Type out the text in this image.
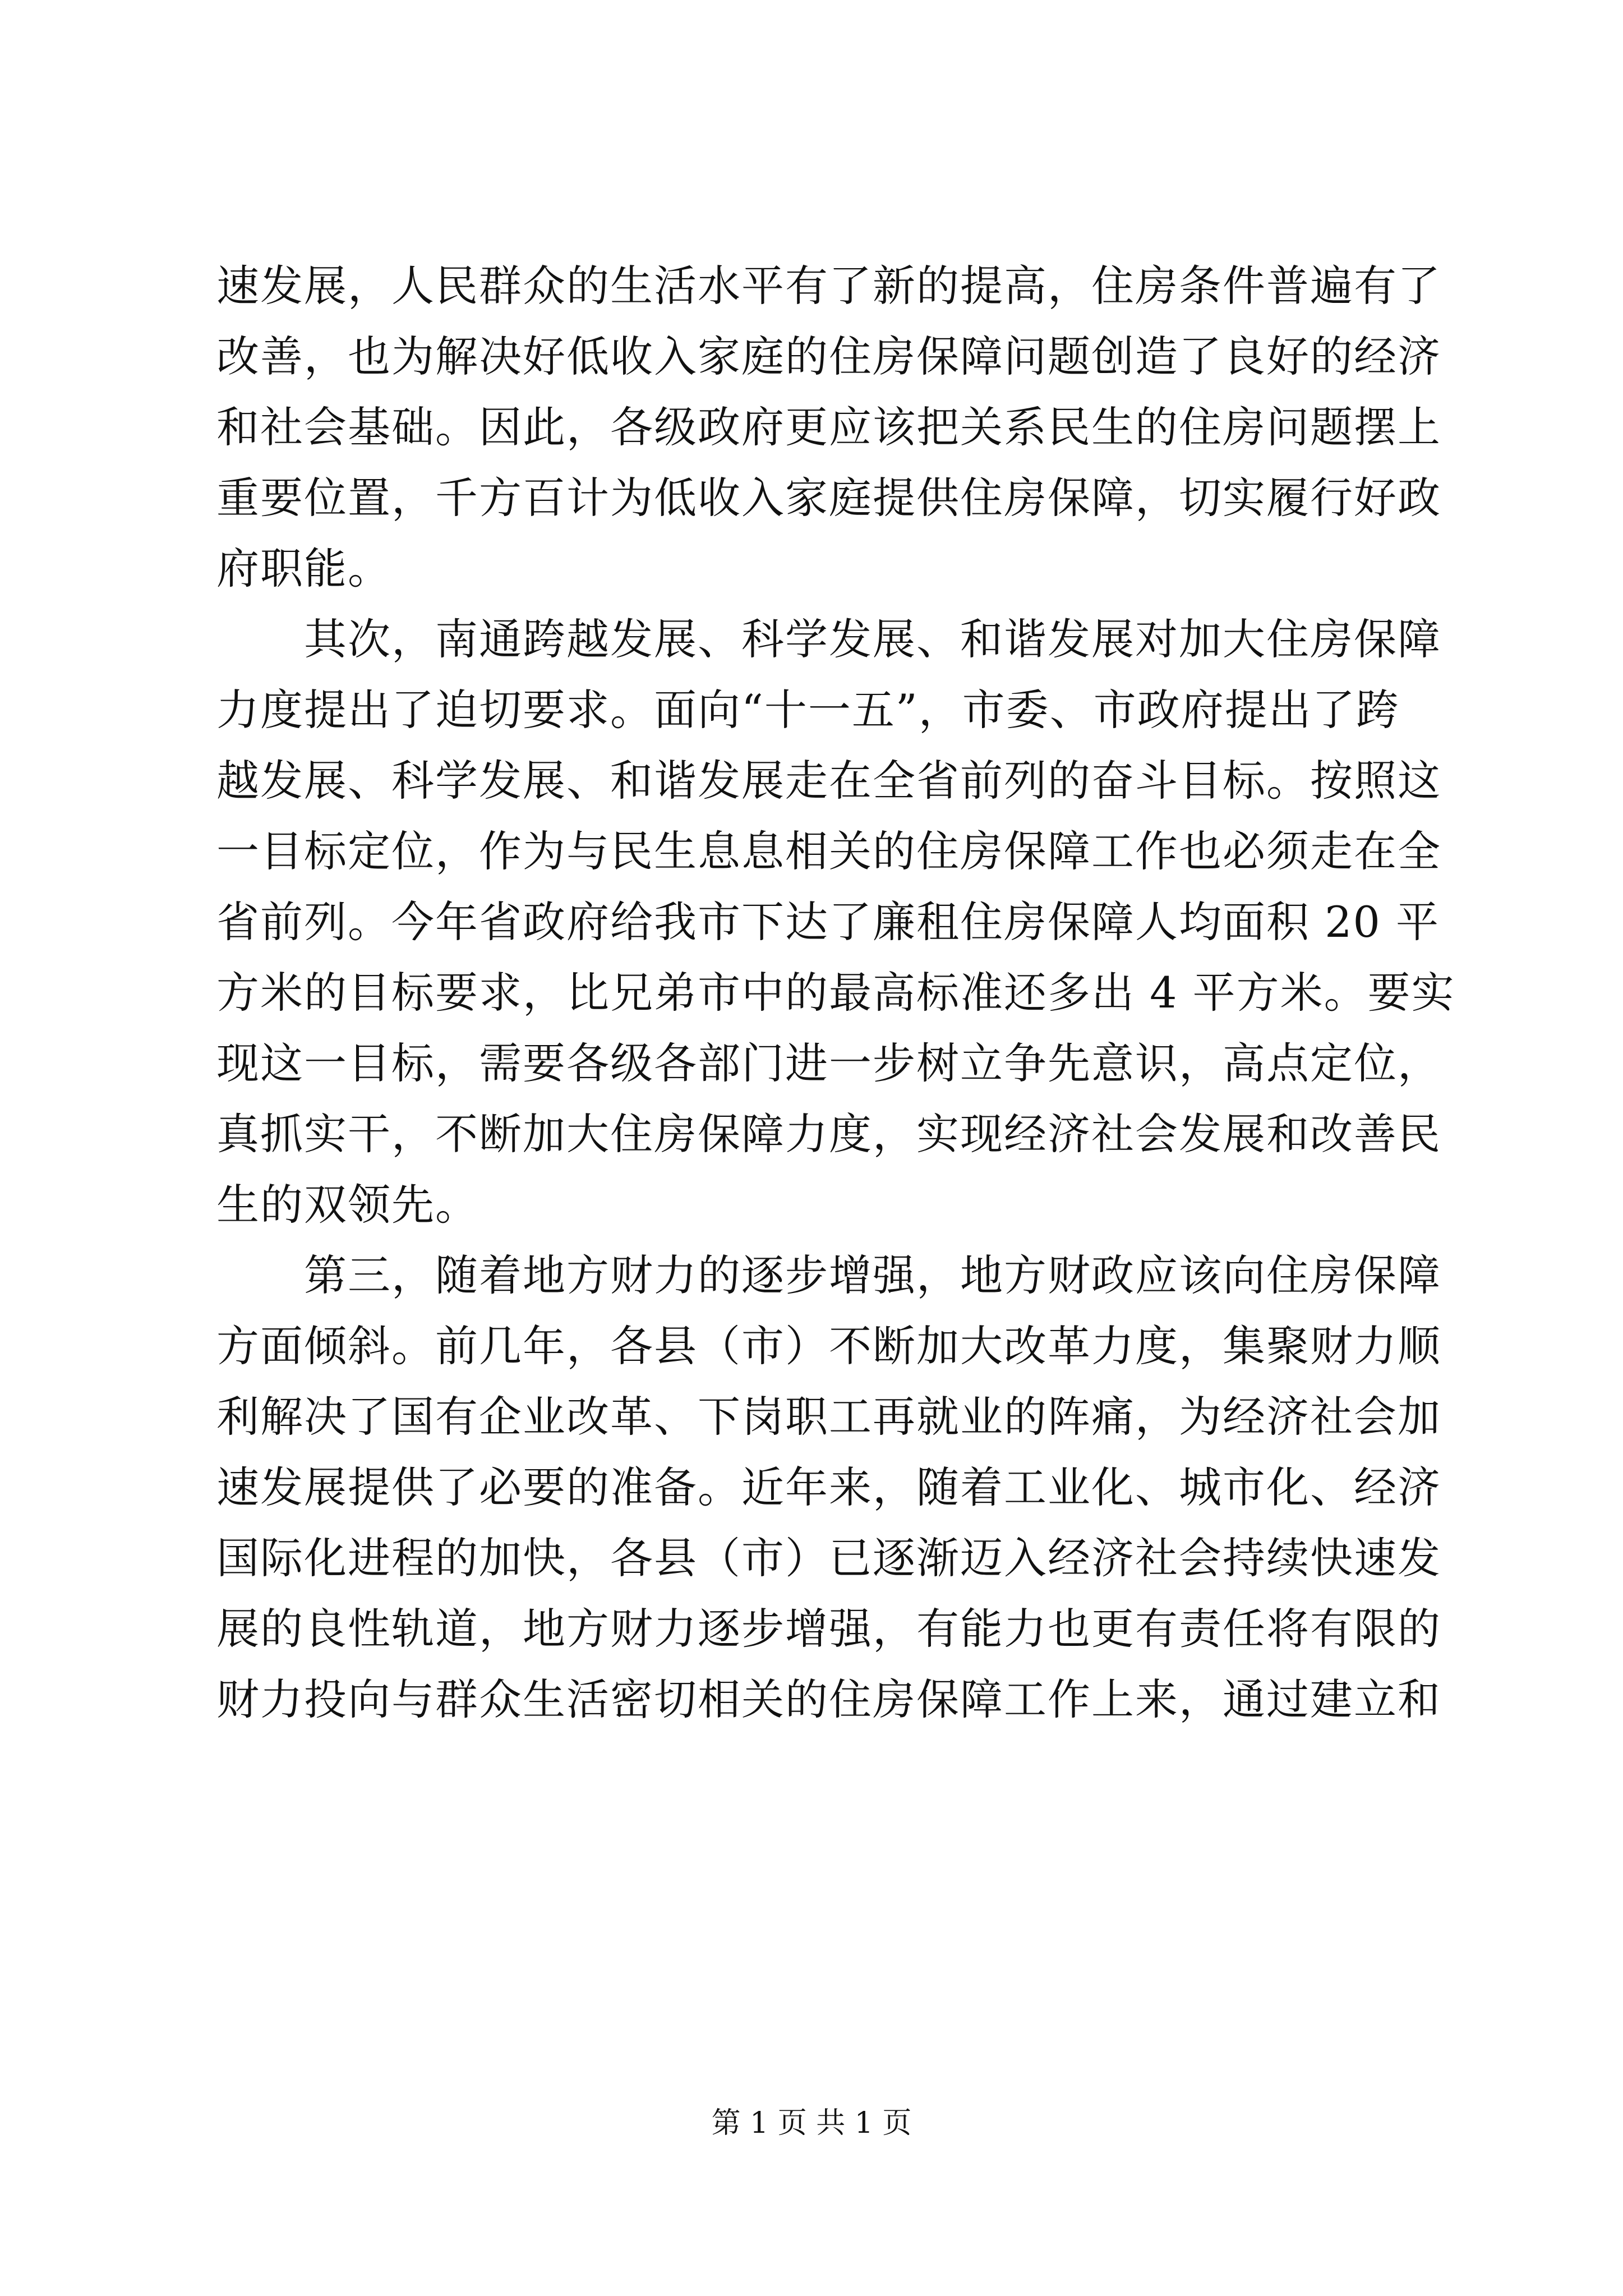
速发展，人民群众的生活水平有了新的提高，住房条件普遍有了
改善，也为解决好低收入家庭的住房保障问题创造了良好的经济
和社会基础。因此，各级政府更应该把关系民生的住房问题摆上
重要位置，千方百计为低收入家庭提供住房保障，切实履行好政
府职能。
　　其次，南通跨越发展、科学发展、和谐发展对加大住房保障
力度提出了迫切要求。面向“十一五”，市委、市政府提出了跨
越发展、科学发展、和谐发展走在全省前列的奋斗目标。按照这
一目标定位，作为与民生息息相关的住房保障工作也必须走在全
省前列。今年省政府给我市下达了廉租住房保障人均面积 20 平
方米的目标要求，比兄弟市中的最高标准还多出 4 平方米。要实
现这一目标，需要各级各部门进一步树立争先意识，高点定位，
真抓实干，不断加大住房保障力度，实现经济社会发展和改善民
生的双领先。
　　第三，随着地方财力的逐步增强，地方财政应该向住房保障
方面倾斜。前几年，各县（市）不断加大改革力度，集聚财力顺
利解决了国有企业改革、下岗职工再就业的阵痛，为经济社会加
速发展提供了必要的准备。近年来，随着工业化、城市化、经济
国际化进程的加快，各县（市）已逐渐迈入经济社会持续快速发
展的良性轨道，地方财力逐步增强，有能力也更有责任将有限的
财力投向与群众生活密切相关的住房保障工作上来，通过建立和
第 1 页 共 1 页
